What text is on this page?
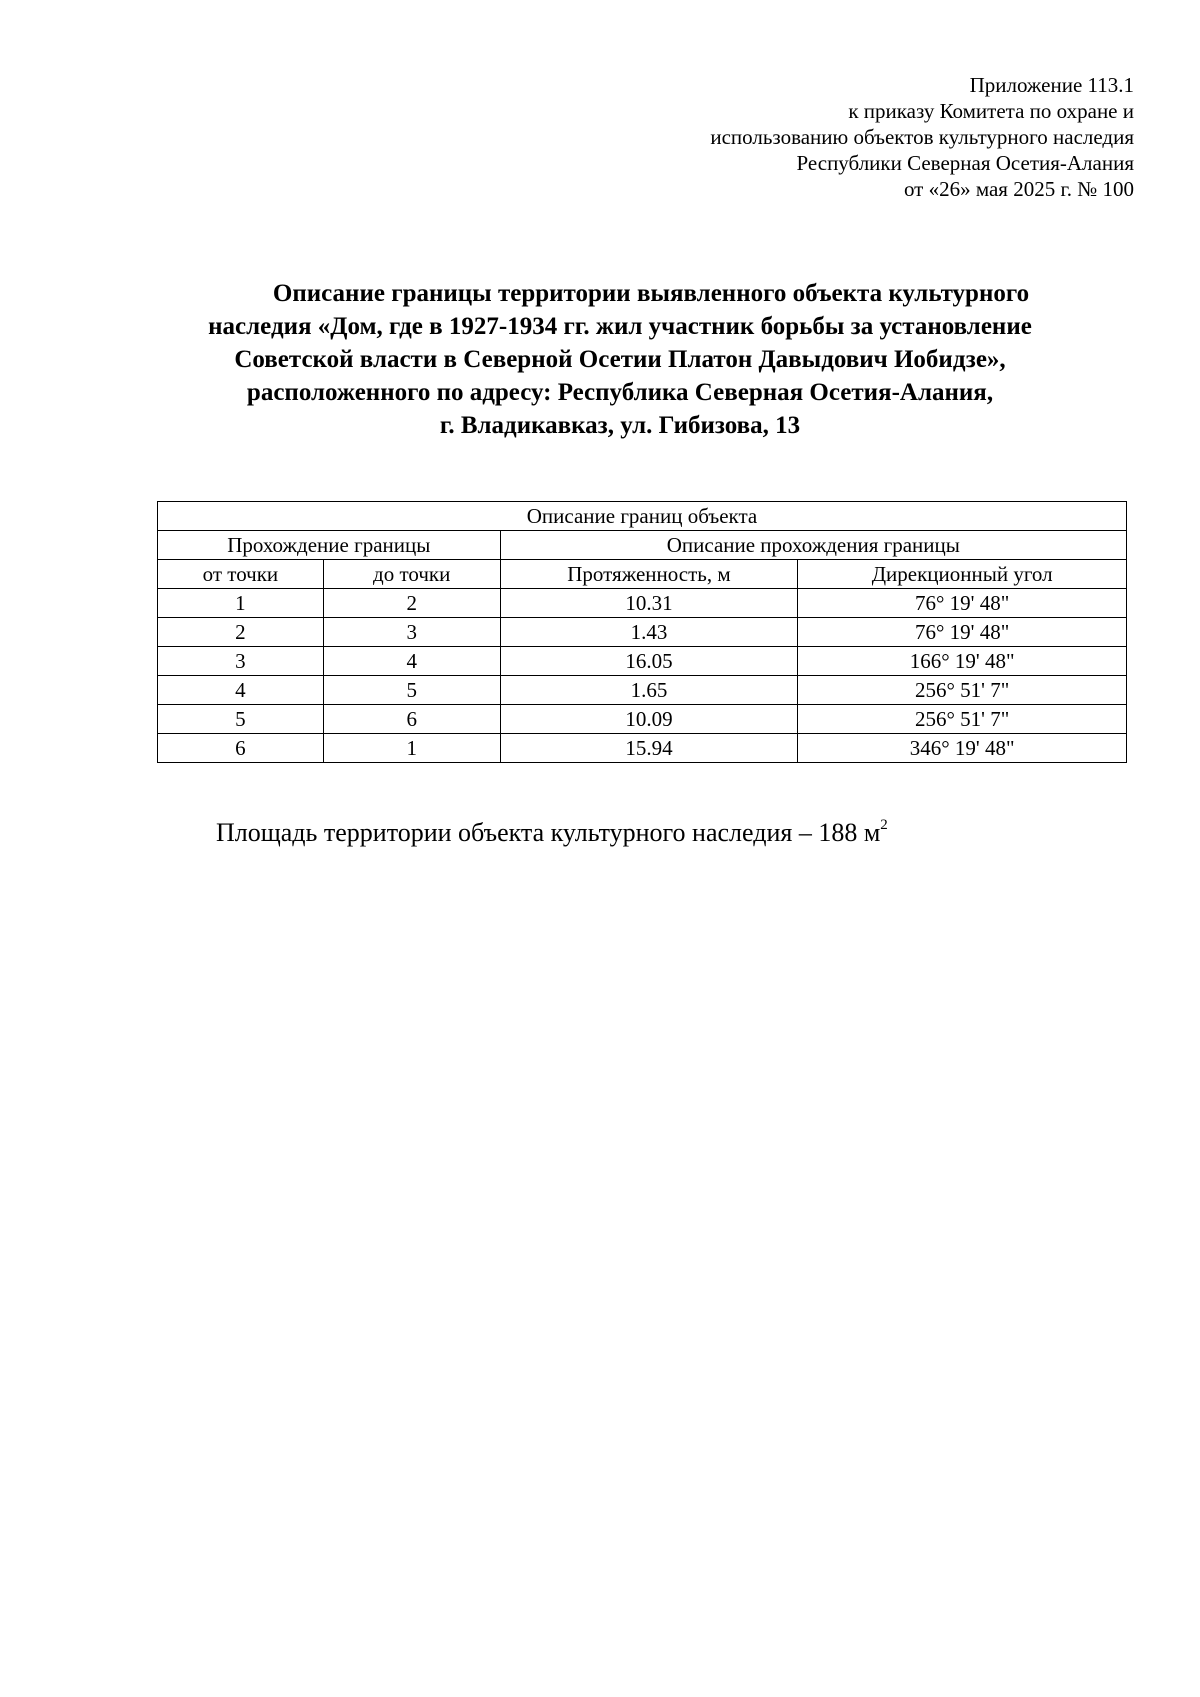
Приложение 113.1
к приказу Комитета по охране и
использованию объектов культурного наследия
Республики Северная Осетия-Алания
от «26» мая 2025 г. № 100
Описание границы территории выявленного объекта культурного
наследия «Дом, где в 1927-1934 гг. жил участник борьбы за установление
Советской власти в Северной Осетии Платон Давыдович Иобидзе»,
расположенного по адресу: Республика Северная Осетия-Алания,
г. Владикавказ, ул. Гибизова, 13
Описание границ объекта			
Прохождение границы		Описание прохождения границы	
от точки	до точки	Протяженность, м	Дирекционный угол
1	2	10.31	76° 19' 48"
2	3	1.43	76° 19' 48"
3	4	16.05	166° 19' 48"
4	5	1.65	256° 51' 7"
5	6	10.09	256° 51' 7"
6	1	15.94	346° 19' 48"
Площадь территории объекта культурного наследия – 188 $м^2$
